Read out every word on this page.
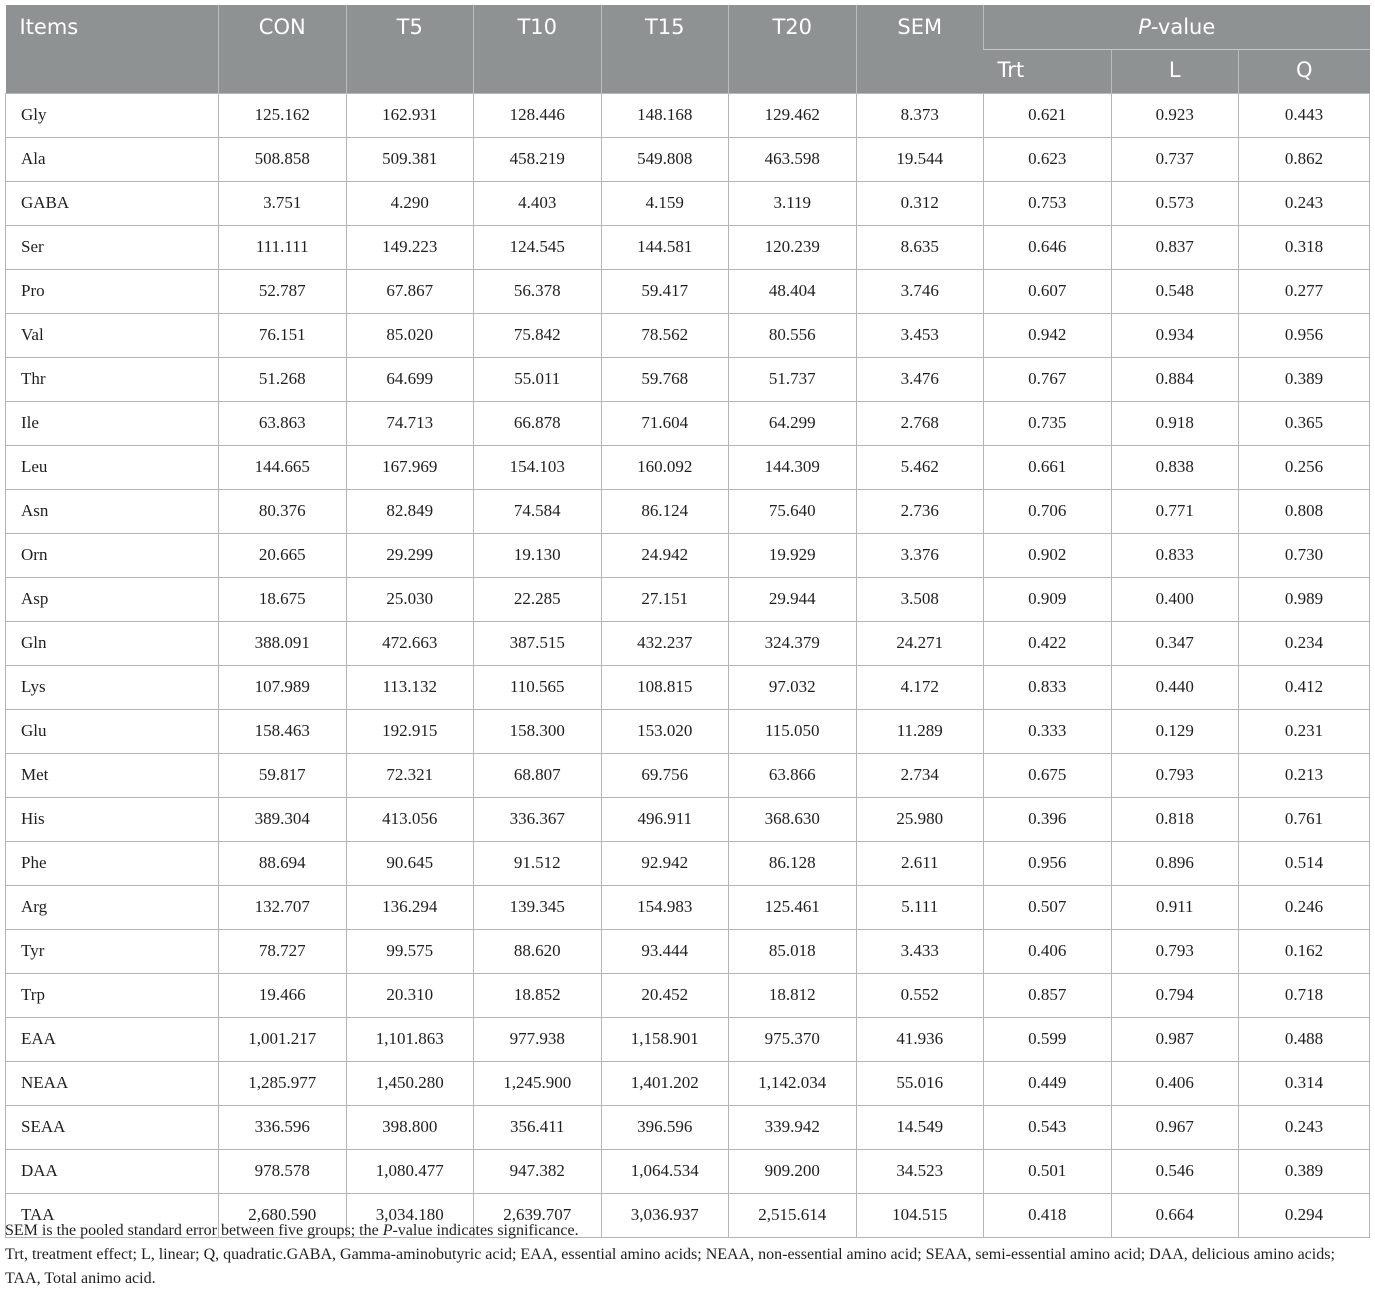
Items	CON	T5	T10	T15	T20	SEM	P-value		
							Trt	L	Q
Gly	125.162	162.931	128.446	148.168	129.462	8.373	0.621	0.923	0.443
Ala	508.858	509.381	458.219	549.808	463.598	19.544	0.623	0.737	0.862
GABA	3.751	4.290	4.403	4.159	3.119	0.312	0.753	0.573	0.243
Ser	111.111	149.223	124.545	144.581	120.239	8.635	0.646	0.837	0.318
Pro	52.787	67.867	56.378	59.417	48.404	3.746	0.607	0.548	0.277
Val	76.151	85.020	75.842	78.562	80.556	3.453	0.942	0.934	0.956
Thr	51.268	64.699	55.011	59.768	51.737	3.476	0.767	0.884	0.389
Ile	63.863	74.713	66.878	71.604	64.299	2.768	0.735	0.918	0.365
Leu	144.665	167.969	154.103	160.092	144.309	5.462	0.661	0.838	0.256
Asn	80.376	82.849	74.584	86.124	75.640	2.736	0.706	0.771	0.808
Orn	20.665	29.299	19.130	24.942	19.929	3.376	0.902	0.833	0.730
Asp	18.675	25.030	22.285	27.151	29.944	3.508	0.909	0.400	0.989
Gln	388.091	472.663	387.515	432.237	324.379	24.271	0.422	0.347	0.234
Lys	107.989	113.132	110.565	108.815	97.032	4.172	0.833	0.440	0.412
Glu	158.463	192.915	158.300	153.020	115.050	11.289	0.333	0.129	0.231
Met	59.817	72.321	68.807	69.756	63.866	2.734	0.675	0.793	0.213
His	389.304	413.056	336.367	496.911	368.630	25.980	0.396	0.818	0.761
Phe	88.694	90.645	91.512	92.942	86.128	2.611	0.956	0.896	0.514
Arg	132.707	136.294	139.345	154.983	125.461	5.111	0.507	0.911	0.246
Tyr	78.727	99.575	88.620	93.444	85.018	3.433	0.406	0.793	0.162
Trp	19.466	20.310	18.852	20.452	18.812	0.552	0.857	0.794	0.718
EAA	1,001.217	1,101.863	977.938	1,158.901	975.370	41.936	0.599	0.987	0.488
NEAA	1,285.977	1,450.280	1,245.900	1,401.202	1,142.034	55.016	0.449	0.406	0.314
SEAA	336.596	398.800	356.411	396.596	339.942	14.549	0.543	0.967	0.243
DAA	978.578	1,080.477	947.382	1,064.534	909.200	34.523	0.501	0.546	0.389
TAA	2,680.590	3,034.180	2,639.707	3,036.937	2,515.614	104.515	0.418	0.664	0.294

SEM is the pooled standard error between five groups; the P-value indicates significance.

Trt, treatment effect; L, linear; Q, quadratic.GABA, Gamma-aminobutyric acid; EAA, essential amino acids; NEAA, non-essential amino acid; SEAA, semi-essential amino acid; DAA, delicious amino acids; TAA, Total animo acid.
